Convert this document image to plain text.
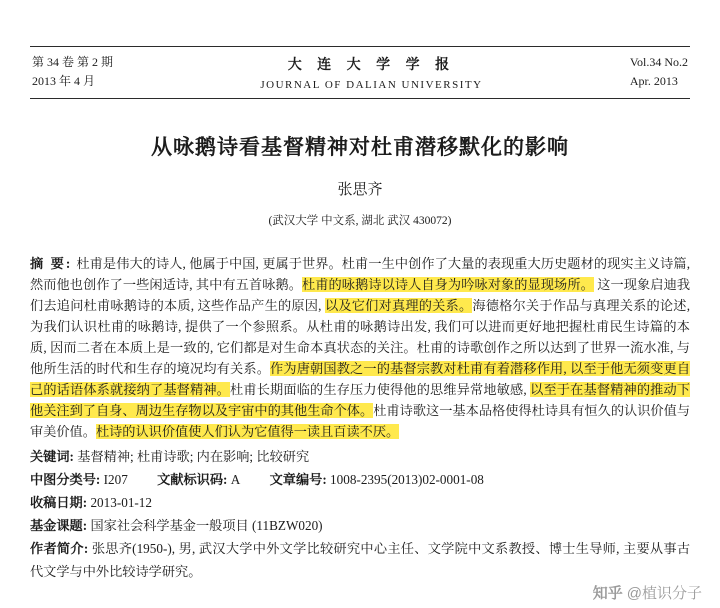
第 34 卷 第 2 期
2013 年 4 月
大 连 大 学 学 报
JOURNAL OF DALIAN UNIVERSITY
Vol.34 No.2
Apr. 2013
从咏鹅诗看基督精神对杜甫潜移默化的影响
张思齐
(武汉大学 中文系, 湖北 武汉 430072)

摘 要: 杜甫是伟大的诗人, 他属于中国, 更属于世界。杜甫一生中创作了大量的表现重大历史题材的现实主义诗篇, 然而他也创作了一些闲适诗, 其中有五首咏鹅。杜甫的咏鹅诗以诗人自身为吟咏对象的显现场所。 这一现象启迪我们去追问杜甫咏鹅诗的本质, 这些作品产生的原因, 以及它们对真理的关系。海德格尔关于作品与真理关系的论述, 为我们认识杜甫的咏鹅诗, 提供了一个参照系。从杜甫的咏鹅诗出发, 我们可以进而更好地把握杜甫民生诗篇的本质, 因而二者在本质上是一致的, 它们都是对生命本真状态的关注。杜甫的诗歌创作之所以达到了世界一流水准, 与他所生活的时代和生存的境况均有关系。作为唐朝国教之一的基督宗教对杜甫有着潜移作用, 以至于他无须变更自己的话语体系就接纳了基督精神。杜甫长期面临的生存压力使得他的思维异常地敏感, 以至于在基督精神的推动下他关注到了自身、周边生存物以及宇宙中的其他生命个体。杜甫诗歌这一基本品格使得杜诗具有恒久的认识价值与审美价值。杜诗的认识价值使人们认为它值得一读且百读不厌。

关键词: 基督精神; 杜甫诗歌; 内在影响; 比较研究
中图分类号: I207 文献标识码: A 文章编号: 1008-2395(2013)02-0001-08
收稿日期: 2013-01-12
基金课题: 国家社会科学基金一般项目 (11BZW020)
作者简介: 张思齐(1950-), 男, 武汉大学中外文学比较研究中心主任、文学院中文系教授、博士生导师, 主要从事古代文学与中外比较诗学研究。
知乎 @植识分子
